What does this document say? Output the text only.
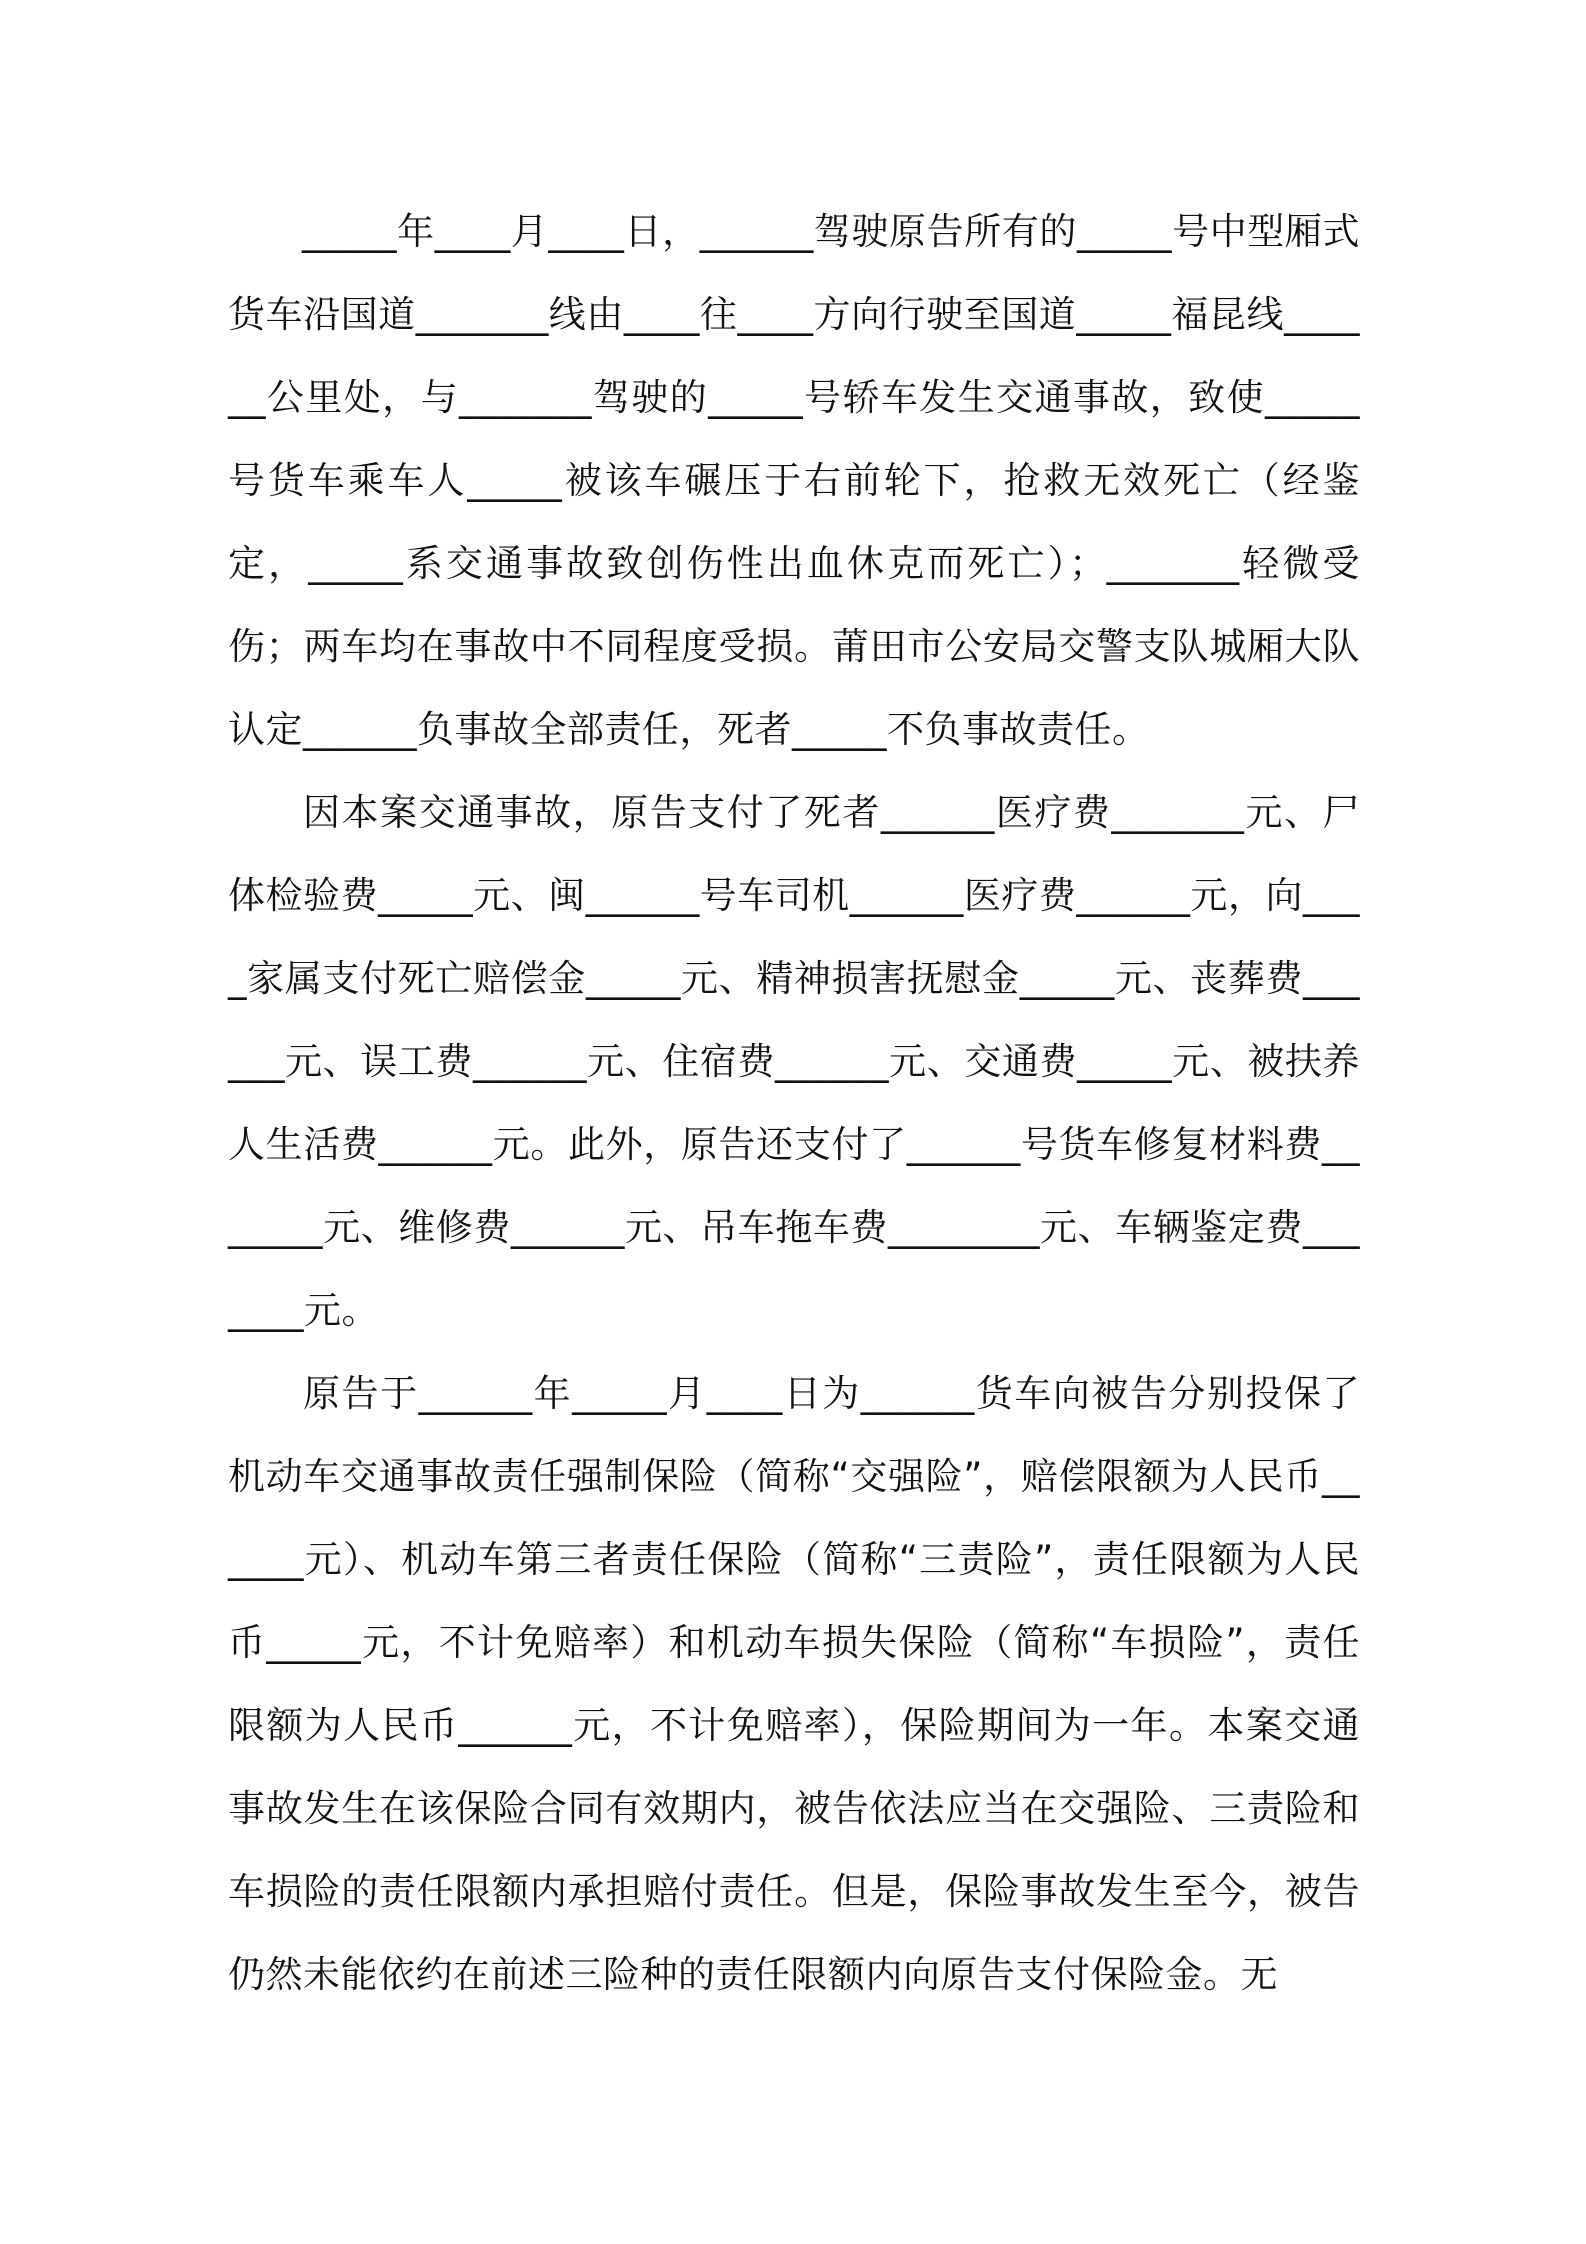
_____年____月____日，______驾驶原告所有的_____号中型厢式货车沿国道_______线由____往____方向行驶至国道_____福昆线______公里处，与_______驾驶的_____号轿车发生交通事故，致使_____号货车乘车人_____被该车碾压于右前轮下，抢救无效死亡（经鉴定，_____系交通事故致创伤性出血休克而死亡）；_______轻微受伤；两车均在事故中不同程度受损。莆田市公安局交警支队城厢大队认定______负事故全部责任，死者_____不负事故责任。

因本案交通事故，原告支付了死者______医疗费_______元、尸体检验费_____元、闽______号车司机______医疗费______元，向____家属支付死亡赔偿金_____元、精神损害抚慰金_____元、丧葬费______元、误工费______元、住宿费______元、交通费_____元、被扶养人生活费______元。此外，原告还支付了______号货车修复材料费_______元、维修费______元、吊车拖车费________元、车辆鉴定费_______元。

原告于______年_____月____日为______货车向被告分别投保了机动车交通事故责任强制保险（简称“交强险”，赔偿限额为人民币______元）、机动车第三者责任保险（简称“三责险”，责任限额为人民币_____元，不计免赔率）和机动车损失保险（简称“车损险”，责任限额为人民币______元，不计免赔率），保险期间为一年。本案交通事故发生在该保险合同有效期内，被告依法应当在交强险、三责险和车损险的责任限额内承担赔付责任。但是，保险事故发生至今，被告仍然未能依约在前述三险种的责任限额内向原告支付保险金。无
